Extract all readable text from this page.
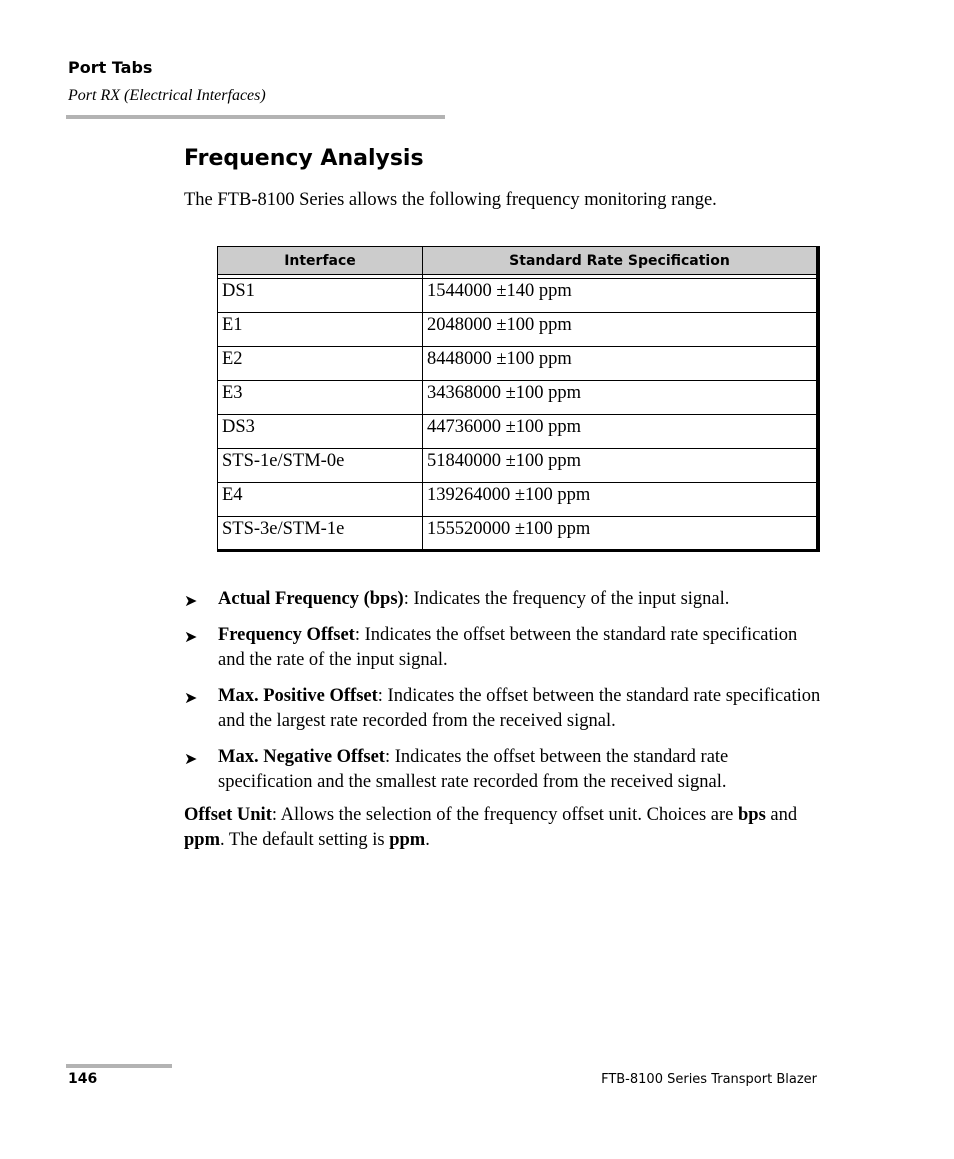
Port Tabs
Port RX (Electrical Interfaces)
Frequency Analysis
The FTB-8100 Series allows the following frequency monitoring range.
Interface	Standard Rate Specification

DS1	1544000 ±140 ppm
E1	2048000 ±100 ppm
E2	8448000 ±100 ppm
E3	34368000 ±100 ppm
DS3	44736000 ±100 ppm
STS-1e/STM-0e	51840000 ±100 ppm
E4	139264000 ±100 ppm
STS-3e/STM-1e	155520000 ±100 ppm
➤ Actual Frequency (bps): Indicates the frequency of the input signal.
➤ Frequency Offset: Indicates the offset between the standard rate specification and the rate of the input signal.
➤ Max. Positive Offset: Indicates the offset between the standard rate specification and the largest rate recorded from the received signal.
➤ Max. Negative Offset: Indicates the offset between the standard rate specification and the smallest rate recorded from the received signal.
Offset Unit: Allows the selection of the frequency offset unit. Choices are bps and ppm. The default setting is ppm.
146	FTB-8100 Series Transport Blazer
